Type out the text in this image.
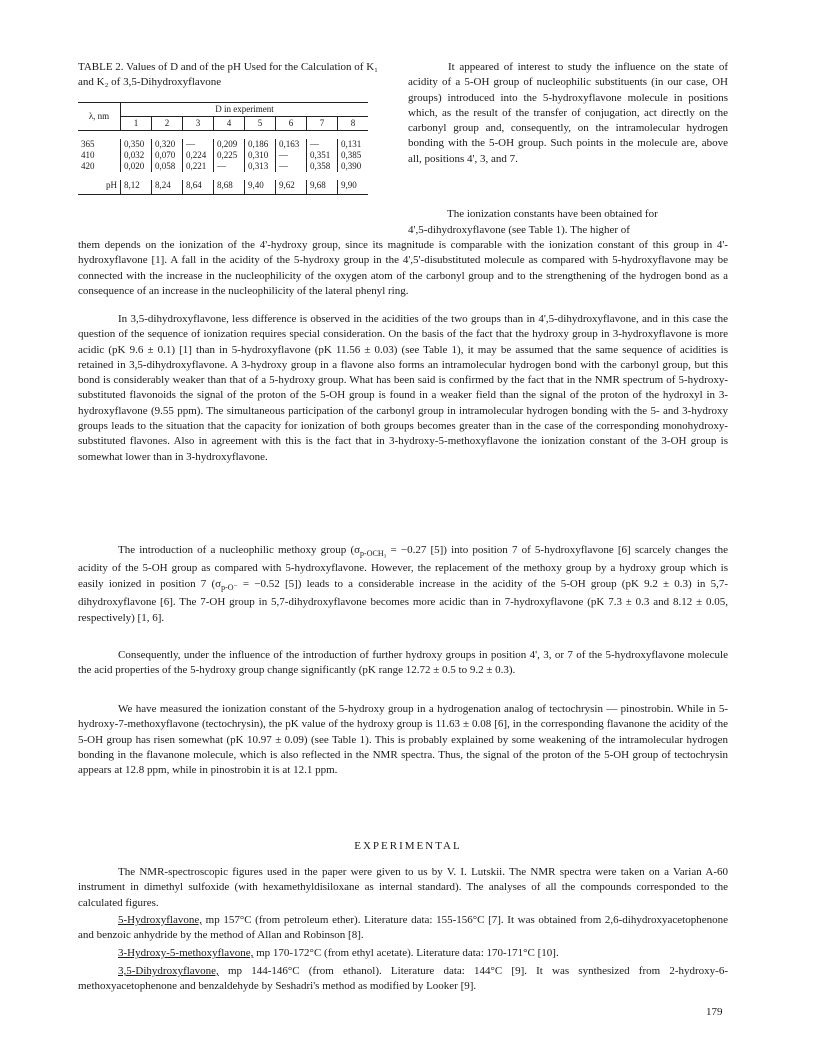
TABLE 2. Values of D and of the pH Used for the Calculation of K₁ and K₂ of 3,5-Dihydroxyflavone
λ, nm	D in experiment							
	1	2	3	4	5	6	7	8

365	0,350	0,320	—	0,209	0,186	0,163	—	0,131
410	0,032	0,070	0,224	0,225	0,310	—	0,351	0,385
420	0,020	0,058	0,221	—	0,313	—	0,358	0,390

pH	8,12	8,24	8,64	8,68	9,40	9,62	9,68	9,90

It appeared of interest to study the influence on the state of acidity of a 5-OH group of nucleophilic substituents (in our case, OH groups) introduced into the 5-hydroxyflavone molecule in positions which, as the result of the transfer of conjugation, act directly on the carbonyl group and, consequently, on the intramolecular hydrogen bonding with the 5-OH group. Such points in the molecule are, above all, positions 4', 3, and 7.

The ionization constants have been obtained for

4',5-dihydroxyflavone (see Table 1). The higher of

them depends on the ionization of the 4'-hydroxy group, since its magnitude is comparable with the ionization constant of this group in 4'-hydroxyflavone [1]. A fall in the acidity of the 5-hydroxy group in the 4',5'-disubstituted molecule as compared with 5-hydroxyflavone may be connected with the increase in the nucleophilicity of the oxygen atom of the carbonyl group and to the strengthening of the hydrogen bond as a consequence of an increase in the nucleophilicity of the lateral phenyl ring.

In 3,5-dihydroxyflavone, less difference is observed in the acidities of the two groups than in 4',5-dihydroxyflavone, and in this case the question of the sequence of ionization requires special consideration. On the basis of the fact that the hydroxy group in 3-hydroxyflavone is more acidic (pK 9.6 ± 0.1) [1] than in 5-hydroxyflavone (pK 11.56 ± 0.03) (see Table 1), it may be assumed that the same sequence of acidities is retained in 3,5-dihydroxyflavone. A 3-hydroxy group in a flavone also forms an intramolecular hydrogen bond with the carbonyl group, but this bond is considerably weaker than that of a 5-hydroxy group. What has been said is confirmed by the fact that in the NMR spectrum of 5-hydroxy-substituted flavonoids the signal of the proton of the 5-OH group is found in a weaker field than the signal of the proton of the hydroxyl in 3-hydroxyflavone (9.55 ppm). The simultaneous participation of the carbonyl group in intramolecular hydrogen bonding with the 5- and 3-hydroxy groups leads to the situation that the capacity for ionization of both groups becomes greater than in the case of the corresponding monohydroxy-substituted flavones. Also in agreement with this is the fact that in 3-hydroxy-5-methoxyflavone the ionization constant of the 3-OH group is somewhat lower than in 3-hydroxyflavone.

The introduction of a nucleophilic methoxy group ($\sigma_{p-OCH_3} = -0.27$ [5]) into position 7 of 5-hydroxyflavone [6] scarcely changes the acidity of the 5-OH group as compared with 5-hydroxyflavone. However, the replacement of the methoxy group by a hydroxy group which is easily ionized in position 7 ($\sigma_{p-O^-} = -0.52$ [5]) leads to a considerable increase in the acidity of the 5-OH group (pK 9.2 ± 0.3) in 5,7-dihydroxyflavone [6]. The 7-OH group in 5,7-dihydroxyflavone becomes more acidic than in 7-hydroxyflavone (pK 7.3 ± 0.3 and 8.12 ± 0.05, respectively) [1, 6].

Consequently, under the influence of the introduction of further hydroxy groups in position 4', 3, or 7 of the 5-hydroxyflavone molecule the acid properties of the 5-hydroxy group change significantly (pK range 12.72 ± 0.5 to 9.2 ± 0.3).

We have measured the ionization constant of the 5-hydroxy group in a hydrogenation analog of tectochrysin — pinostrobin. While in 5-hydroxy-7-methoxyflavone (tectochrysin), the pK value of the hydroxy group is 11.63 ± 0.08 [6], in the corresponding flavanone the acidity of the 5-OH group has risen somewhat (pK 10.97 ± 0.09) (see Table 1). This is probably explained by some weakening of the intramolecular hydrogen bonding in the flavanone molecule, which is also reflected in the NMR spectra. Thus, the signal of the proton of the 5-OH group of tectochrysin appears at 12.8 ppm, while in pinostrobin it is at 12.1 ppm.

EXPERIMENTAL

The NMR-spectroscopic figures used in the paper were given to us by V. I. Lutskii. The NMR spectra were taken on a Varian A-60 instrument in dimethyl sulfoxide (with hexamethyldisiloxane as internal standard). The analyses of all the compounds corresponded to the calculated figures.

5-Hydroxyflavone, mp 157°C (from petroleum ether). Literature data: 155-156°C [7]. It was obtained from 2,6-dihydroxyacetophenone and benzoic anhydride by the method of Allan and Robinson [8].

3-Hydroxy-5-methoxyflavone, mp 170-172°C (from ethyl acetate). Literature data: 170-171°C [10].

3,5-Dihydroxyflavone, mp 144-146°C (from ethanol). Literature data: 144°C [9]. It was synthesized from 2-hydroxy-6-methoxyacetophenone and benzaldehyde by Seshadri's method as modified by Looker [9].

179
